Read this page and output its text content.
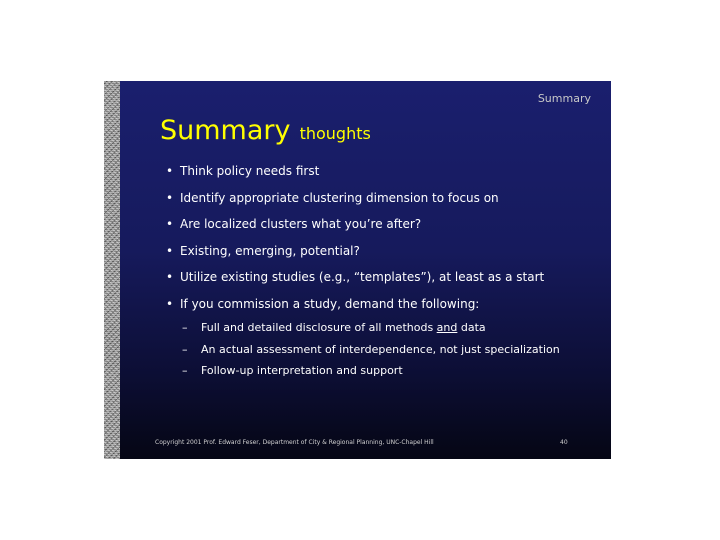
Summary
Summary thoughts
• Think policy needs first
• Identify appropriate clustering dimension to focus on
• Are localized clusters what you’re after?
• Existing, emerging, potential?
• Utilize existing studies (e.g., “templates”), at least as a start
• If you commission a study, demand the following:
– Full and detailed disclosure of all methods and data
– An actual assessment of interdependence, not just specialization
– Follow-up interpretation and support
Copyright 2001 Prof. Edward Feser, Department of City & Regional Planning, UNC-Chapel Hill	40
